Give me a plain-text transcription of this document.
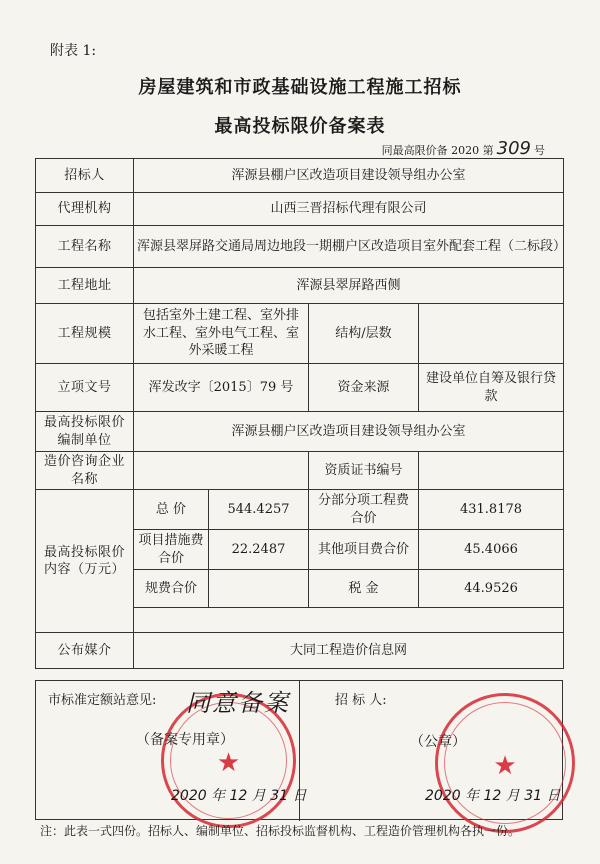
附表 1:
房屋建筑和市政基础设施工程施工招标
最高投标限价备案表
同最高限价备 2020 第 309 号
招标人	浑源县棚户区改造项目建设领导组办公室			
代理机构	山西三晋招标代理有限公司			
工程名称	浑源县翠屏路交通局周边地段一期棚户区改造项目室外配套工程（二标段）			
工程地址	浑源县翠屏路西侧			
工程规模	包括室外土建工程、室外排水工程、室外电气工程、室外采暖工程		结构/层数	
立项文号	浑发改字〔2015〕79 号		资金来源	建设单位自筹及银行贷款
最高投标限价编制单位	浑源县棚户区改造项目建设领导组办公室			
造价咨询企业名称			资质证书编号	
最高投标限价内容（万元）	总 价	544.4257	分部分项工程费合价	431.8178
	项目措施费合价	22.2487	其他项目费合价	45.4066
	规费合价		税 金	44.9526

公布媒介	大同工程造价信息网			
市标准定额站意见:
★
同意备案
（备案专用章）
2020 年 12 月 31 日
招 标 人:
★
（公章）
2020 年 12 月 31 日
注：此表一式四份。招标人、编制单位、招标投标监督机构、工程造价管理机构各执一份。
